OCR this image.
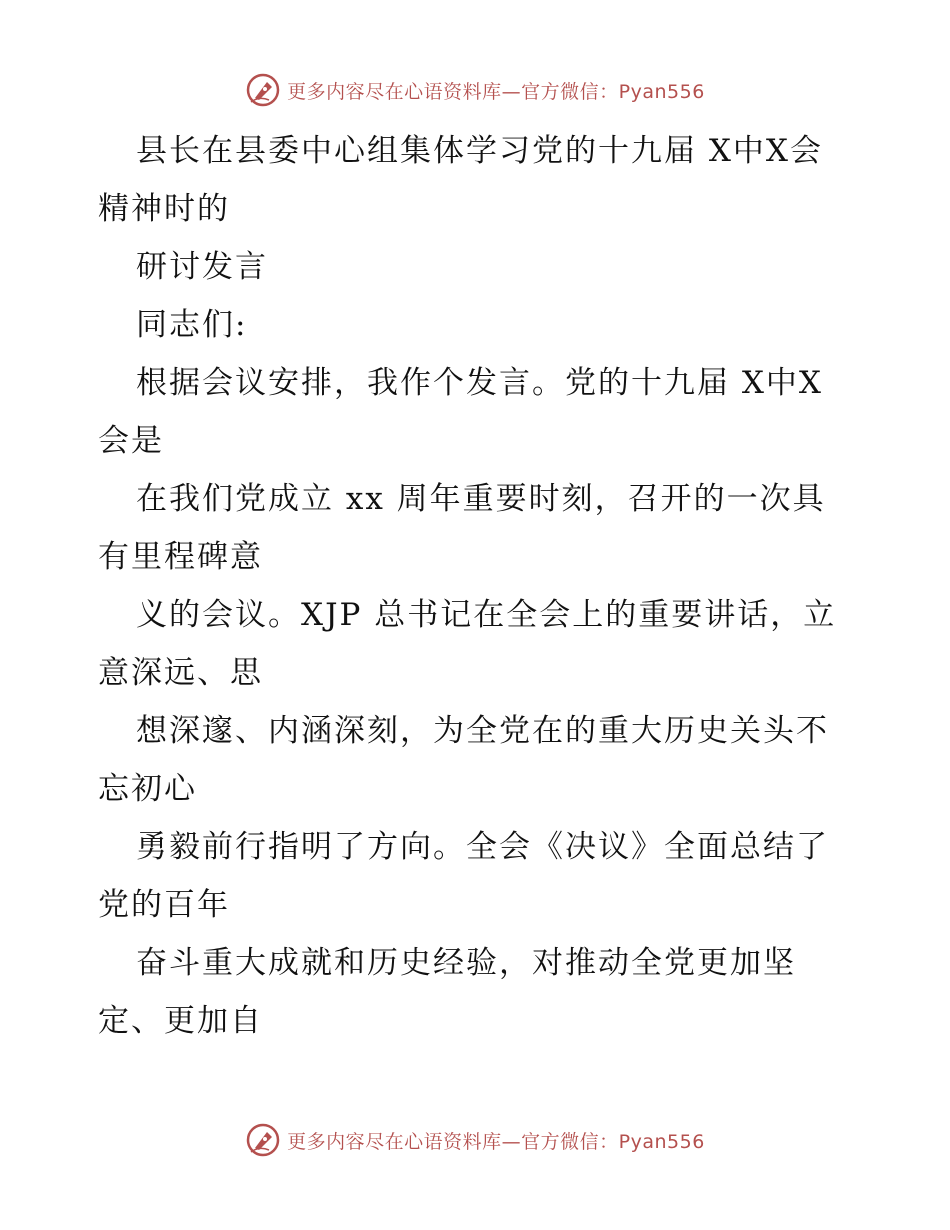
更多内容尽在心语资料库—官方微信：Pyan556
县长在县委中心组集体学习党的十九届 X中X会
精神时的
研讨发言
同志们:
根据会议安排，我作个发言。党的十九届 X中X
会是
在我们党成立 xx 周年重要时刻，召开的一次具
有里程碑意
义的会议。XJP 总书记在全会上的重要讲话，立
意深远、思
想深邃、内涵深刻，为全党在的重大历史关头不
忘初心
勇毅前行指明了方向。全会《决议》全面总结了
党的百年
奋斗重大成就和历史经验，对推动全党更加坚
定、更加自
更多内容尽在心语资料库—官方微信：Pyan556
